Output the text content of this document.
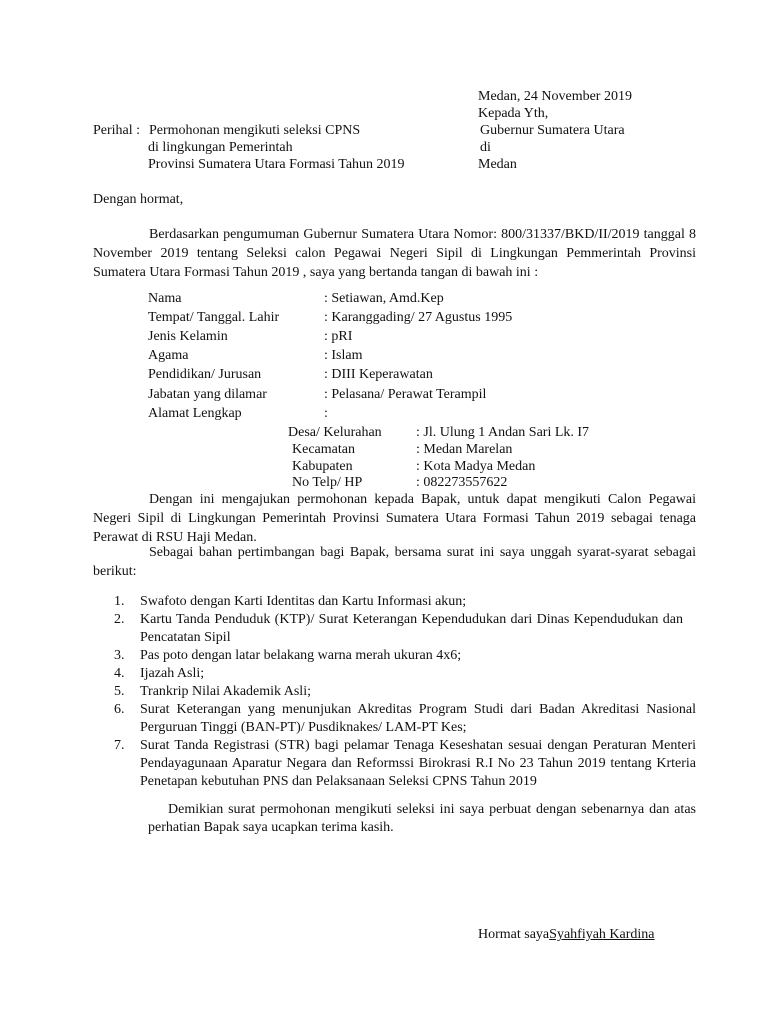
Medan, 24 November 2019
Kepada Yth,
Gubernur Sumatera Utara
di
Medan
Perihal : Permohonan mengikuti seleksi CPNS
di lingkungan Pemerintah
Provinsi Sumatera Utara Formasi Tahun 2019
Dengan hormat,
Berdasarkan pengumuman Gubernur Sumatera Utara Nomor: 800/31337/BKD/II/2019 tanggal 8 November 2019 tentang Seleksi calon Pegawai Negeri Sipil di Lingkungan Pemmerintah Provinsi Sumatera Utara Formasi Tahun 2019 , saya yang bertanda tangan di bawah ini :
Nama	: Setiawan, Amd.Kep
Tempat/ Tanggal. Lahir	: Karanggading/ 27 Agustus 1995
Jenis Kelamin	: pRI
Agama	: Islam
Pendidikan/ Jurusan	: DIII Keperawatan
Jabatan yang dilamar	: Pelasana/ Perawat Terampil
Alamat Lengkap	:
Desa/ Kelurahan : Jl. Ulung 1 Andan Sari Lk. I7
Kecamatan	: Medan Marelan
Kabupaten	: Kota Madya Medan
No Telp/ HP	: 082273557622
Dengan ini mengajukan permohonan kepada Bapak, untuk dapat mengikuti Calon Pegawai Negeri Sipil di Lingkungan Pemerintah Provinsi Sumatera Utara Formasi Tahun 2019 sebagai tenaga Perawat di RSU Haji Medan.
Sebagai bahan pertimbangan bagi Bapak, bersama surat ini saya unggah syarat-syarat sebagai berikut:
1. Swafoto dengan Karti Identitas dan Kartu Informasi akun;
2. Kartu Tanda Penduduk (KTP)/ Surat Keterangan Kependudukan dari Dinas Kependudukan dan Pencatatan Sipil
3. Pas poto dengan latar belakang warna merah ukuran 4x6;
4. Ijazah Asli;
5. Trankrip Nilai Akademik Asli;
6. Surat Keterangan yang menunjukan Akreditas Program Studi dari Badan Akreditasi Nasional Perguruan Tinggi (BAN-PT)/ Pusdiknakes/ LAM-PT Kes;
7. Surat Tanda Registrasi (STR) bagi pelamar Tenaga Keseshatan sesuai dengan Peraturan Menteri Pendayagunaan Aparatur Negara dan Reformssi Birokrasi R.I No 23 Tahun 2019 tentang Krteria Penetapan kebutuhan PNS dan Pelaksanaan Seleksi CPNS Tahun 2019
Demikian surat permohonan mengikuti seleksi ini saya perbuat dengan sebenarnya dan atas perhatian Bapak saya ucapkan terima kasih.
Hormat sayaSyahfiyah Kardina
